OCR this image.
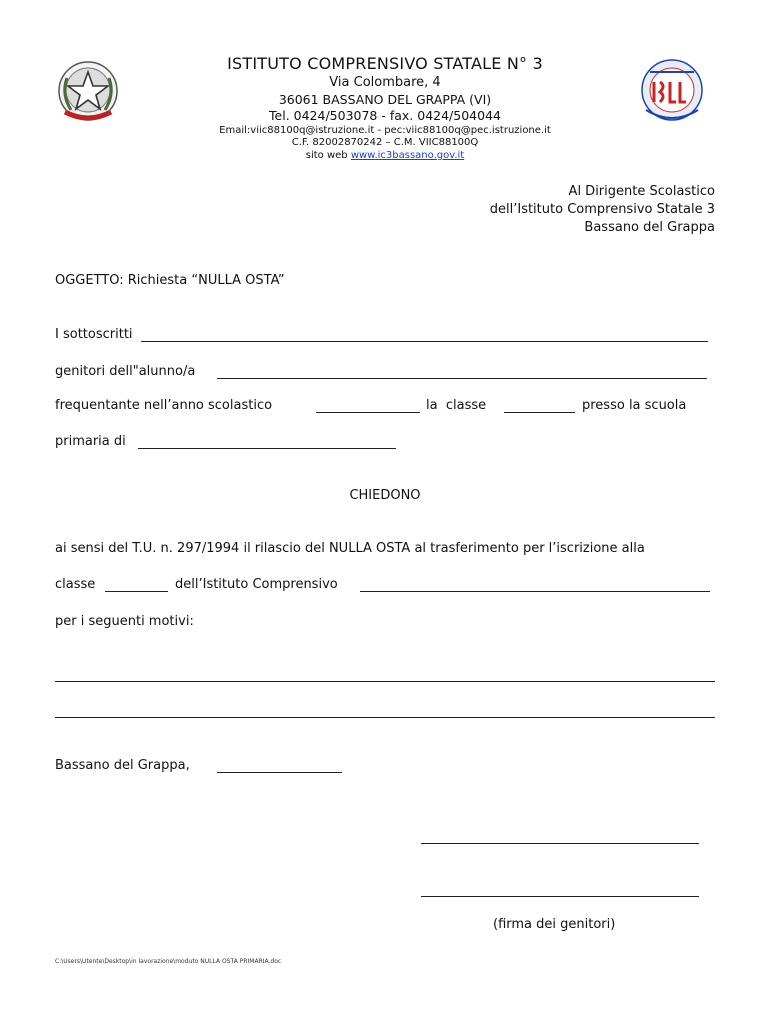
ISTITUTO COMPRENSIVO STATALE N° 3
Via Colombare, 4
36061 BASSANO DEL GRAPPA (VI)
Tel. 0424/503078 - fax. 0424/504044
Email:viic88100q@istruzione.it - pec:viic88100q@pec.istruzione.it
C.F. 82002870242 – C.M. VIIC88100Q
sito web www.ic3bassano.gov.it
Al Dirigente Scolastico
dell’Istituto Comprensivo Statale 3
Bassano del Grappa
OGGETTO: Richiesta “NULLA OSTA”
I sottoscritti
genitori dell"alunno/a
frequentante nell’anno scolastico	la  classe	presso la scuola
primaria di
CHIEDONO
ai sensi del T.U. n. 297/1994 il rilascio del NULLA OSTA al trasferimento per l’iscrizione alla
classe	dell’Istituto Comprensivo
per i seguenti motivi:
Bassano del Grappa,
(firma dei genitori)
C:\Users\Utente\Desktop\in lavorazione\moduto NULLA OSTA PRIMARIA.doc
